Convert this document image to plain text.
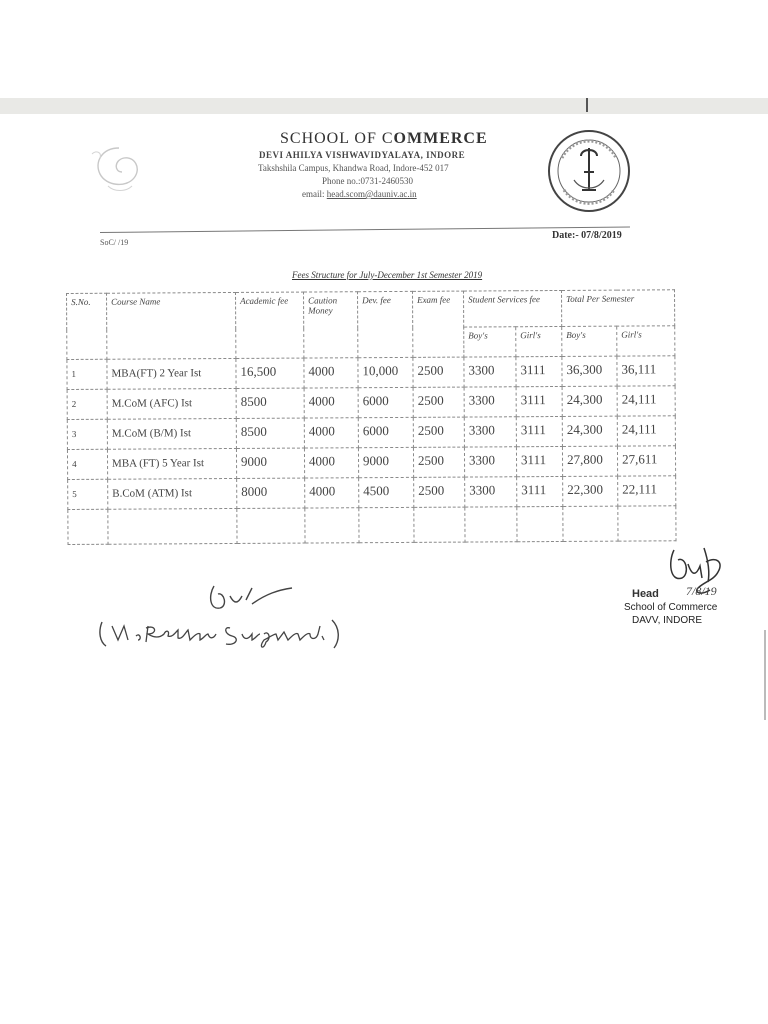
SCHOOL OF COMMERCE
DEVI AHILYA VISHWAVIDYALAYA, INDORE
Takshshila Campus, Khandwa Road, Indore-452 017
Phone no.:0731-2460530
email: head.scom@dauniv.ac.in
SoC/ /19
Date:- 07/8/2019
Fees Structure for July-December 1st Semester 2019
S.No.	Course Name	Academic fee	Caution Money	Dev. fee	Exam fee	Student Services fee		Total Per Semester	
						Boy's	Girl's	Boy's	Girl's
1	MBA(FT) 2 Year Ist	16,500	4000	10,000	2500	3300	3111	36,300	36,111
2	M.CoM (AFC) Ist	8500	4000	6000	2500	3300	3111	24,300	24,111
3	M.CoM (B/M) Ist	8500	4000	6000	2500	3300	3111	24,300	24,111
4	MBA (FT) 5 Year Ist	9000	4000	9000	2500	3300	3111	27,800	27,611
5	B.CoM (ATM) Ist	8000	4000	4500	2500	3300	3111	22,300	22,111

Head 7/8/19
School of Commerce
DAVV, INDORE
